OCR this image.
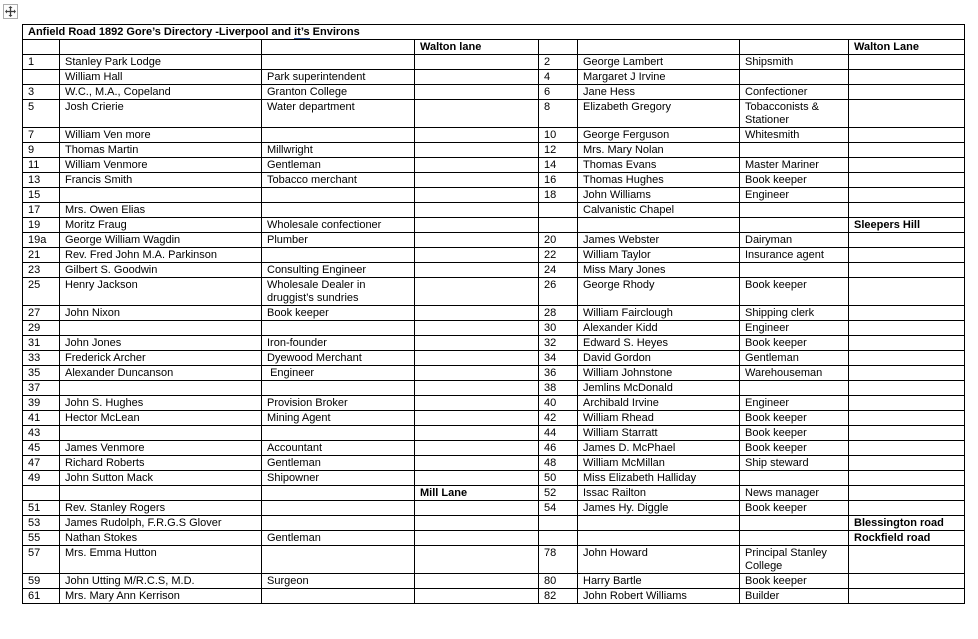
Anfield Road 1892 Gore’s Directory -Liverpool and it’s Environs							
			Walton lane				Walton Lane
1	Stanley Park Lodge			2	George Lambert	Shipsmith	
	William Hall	Park superintendent		4	Margaret J Irvine		
3	W.C., M.A., Copeland	Granton College		6	Jane Hess	Confectioner	
5	Josh Crierie	Water department		8	Elizabeth Gregory	Tobacconists & Stationer	
7	William Ven more			10	George Ferguson	Whitesmith	
9	Thomas Martin	Millwright		12	Mrs. Mary Nolan		
11	William Venmore	Gentleman		14	Thomas Evans	Master Mariner	
13	Francis Smith	Tobacco merchant		16	Thomas Hughes	Book keeper	
15				18	John Williams	Engineer	
17	Mrs. Owen Elias				Calvanistic Chapel		
19	Moritz Fraug	Wholesale confectioner					Sleepers Hill
19a	George William Wagdin	Plumber		20	James Webster	Dairyman	
21	Rev. Fred John M.A. Parkinson			22	William Taylor	Insurance agent	
23	Gilbert S. Goodwin	Consulting Engineer		24	Miss Mary Jones		
25	Henry Jackson	Wholesale Dealer in druggist’s sundries		26	George Rhody	Book keeper	
27	John Nixon	Book keeper		28	William Fairclough	Shipping clerk	
29				30	Alexander Kidd	Engineer	
31	John Jones	Iron-founder		32	Edward S. Heyes	Book keeper	
33	Frederick Archer	Dyewood Merchant		34	David Gordon	Gentleman	
35	Alexander Duncanson	Engineer		36	William Johnstone	Warehouseman	
37				38	Jemlins McDonald		
39	John S. Hughes	Provision Broker		40	Archibald Irvine	Engineer	
41	Hector McLean	Mining Agent		42	William Rhead	Book keeper	
43				44	William Starratt	Book keeper	
45	James Venmore	Accountant		46	James D. McPhael	Book keeper	
47	Richard Roberts	Gentleman		48	William McMillan	Ship steward	
49	John Sutton Mack	Shipowner		50	Miss Elizabeth Halliday		
			Mill Lane	52	Issac Railton	News manager	
51	Rev. Stanley Rogers			54	James Hy. Diggle	Book keeper	
53	James Rudolph, F.R.G.S Glover						Blessington road
55	Nathan Stokes	Gentleman					Rockfield road
57	Mrs. Emma Hutton			78	John Howard	Principal Stanley College	
59	John Utting M/R.C.S, M.D.	Surgeon		80	Harry Bartle	Book keeper	
61	Mrs. Mary Ann Kerrison			82	John Robert Williams	Builder	
